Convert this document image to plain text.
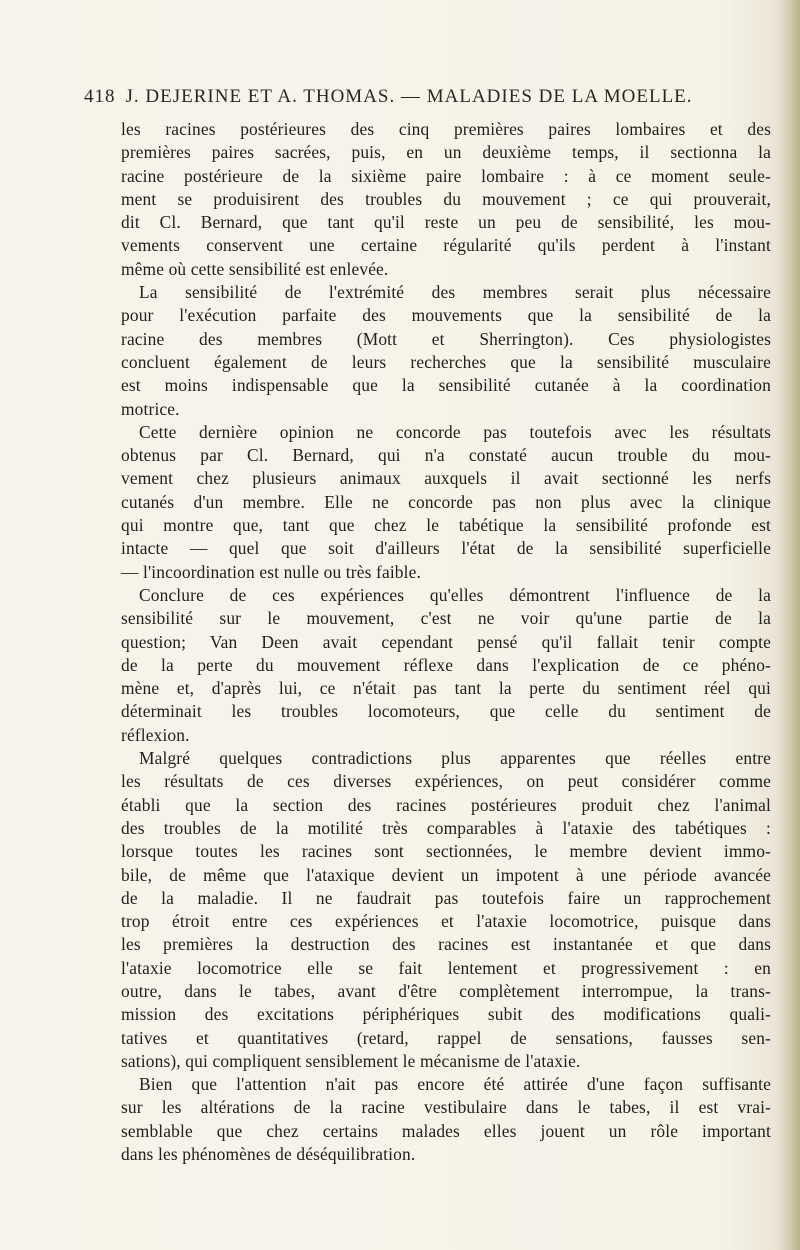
418 J. DEJERINE ET A. THOMAS. — MALADIES DE LA MOELLE.
les racines postérieures des cinq premières paires lombaires et des
premières paires sacrées, puis, en un deuxième temps, il sectionna la
racine postérieure de la sixième paire lombaire : à ce moment seule-
ment se produisirent des troubles du mouvement ; ce qui prouverait,
dit Cl. Bernard, que tant qu'il reste un peu de sensibilité, les mou-
vements conservent une certaine régularité qu'ils perdent à l'instant
même où cette sensibilité est enlevée.
La sensibilité de l'extrémité des membres serait plus nécessaire
pour l'exécution parfaite des mouvements que la sensibilité de la
racine des membres (Mott et Sherrington). Ces physiologistes
concluent également de leurs recherches que la sensibilité musculaire
est moins indispensable que la sensibilité cutanée à la coordination
motrice.
Cette dernière opinion ne concorde pas toutefois avec les résultats
obtenus par Cl. Bernard, qui n'a constaté aucun trouble du mou-
vement chez plusieurs animaux auxquels il avait sectionné les nerfs
cutanés d'un membre. Elle ne concorde pas non plus avec la clinique
qui montre que, tant que chez le tabétique la sensibilité profonde est
intacte — quel que soit d'ailleurs l'état de la sensibilité superficielle
— l'incoordination est nulle ou très faible.
Conclure de ces expériences qu'elles démontrent l'influence de la
sensibilité sur le mouvement, c'est ne voir qu'une partie de la
question; Van Deen avait cependant pensé qu'il fallait tenir compte
de la perte du mouvement réflexe dans l'explication de ce phéno-
mène et, d'après lui, ce n'était pas tant la perte du sentiment réel qui
déterminait les troubles locomoteurs, que celle du sentiment de
réflexion.
Malgré quelques contradictions plus apparentes que réelles entre
les résultats de ces diverses expériences, on peut considérer comme
établi que la section des racines postérieures produit chez l'animal
des troubles de la motilité très comparables à l'ataxie des tabétiques :
lorsque toutes les racines sont sectionnées, le membre devient immo-
bile, de même que l'ataxique devient un impotent à une période avancée
de la maladie. Il ne faudrait pas toutefois faire un rapprochement
trop étroit entre ces expériences et l'ataxie locomotrice, puisque dans
les premières la destruction des racines est instantanée et que dans
l'ataxie locomotrice elle se fait lentement et progressivement : en
outre, dans le tabes, avant d'être complètement interrompue, la trans-
mission des excitations périphériques subit des modifications quali-
tatives et quantitatives (retard, rappel de sensations, fausses sen-
sations), qui compliquent sensiblement le mécanisme de l'ataxie.
Bien que l'attention n'ait pas encore été attirée d'une façon suffisante
sur les altérations de la racine vestibulaire dans le tabes, il est vrai-
semblable que chez certains malades elles jouent un rôle important
dans les phénomènes de déséquilibration.
